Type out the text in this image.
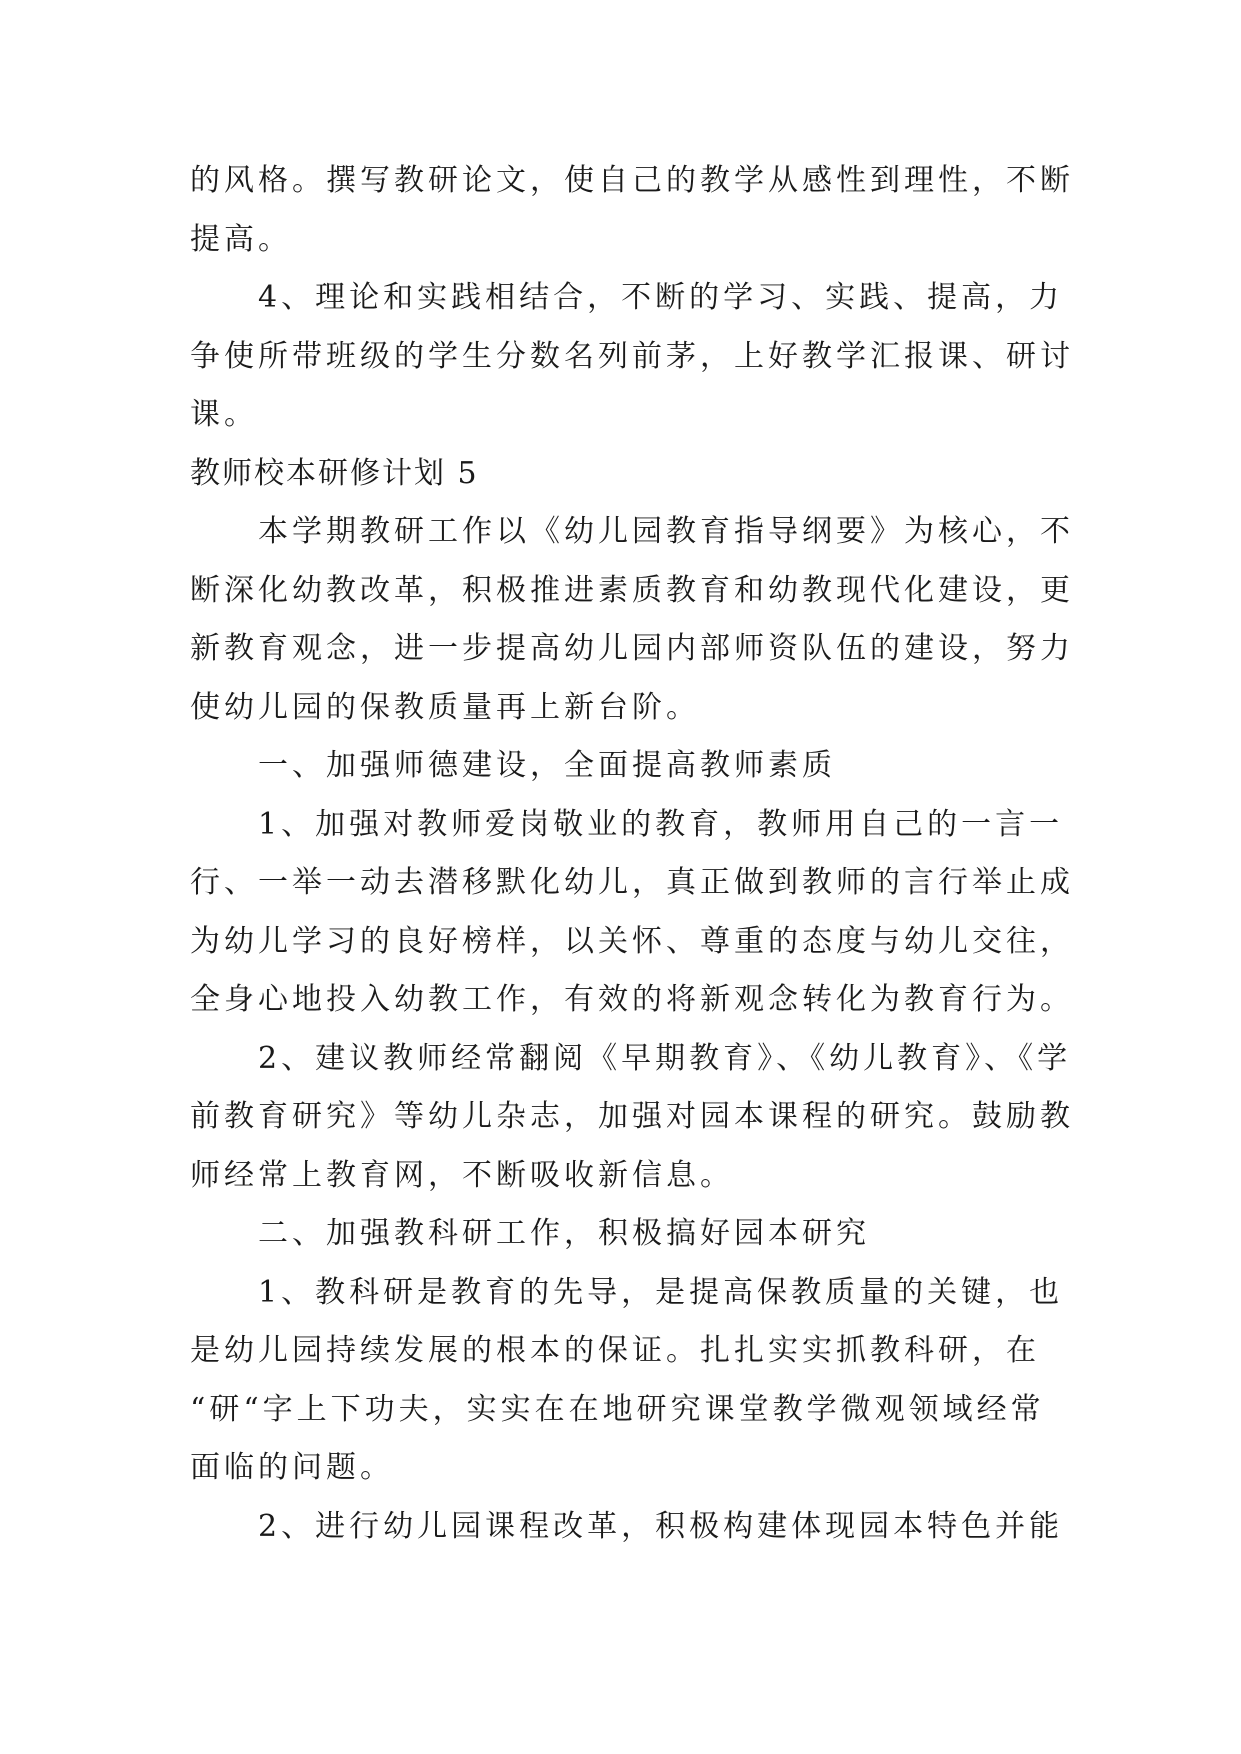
的风格。撰写教研论文，使自己的教学从感性到理性，不断
提高。
4、理论和实践相结合，不断的学习、实践、提高，力
争使所带班级的学生分数名列前茅，上好教学汇报课、研讨
课。
教师校本研修计划 5
本学期教研工作以《幼儿园教育指导纲要》为核心，不
断深化幼教改革，积极推进素质教育和幼教现代化建设，更
新教育观念，进一步提高幼儿园内部师资队伍的建设，努力
使幼儿园的保教质量再上新台阶。
一、加强师德建设，全面提高教师素质
1、加强对教师爱岗敬业的教育，教师用自己的一言一
行、一举一动去潜移默化幼儿，真正做到教师的言行举止成
为幼儿学习的良好榜样，以关怀、尊重的态度与幼儿交往，
全身心地投入幼教工作，有效的将新观念转化为教育行为。
2、建议教师经常翻阅《早期教育》、《幼儿教育》、《学
前教育研究》等幼儿杂志，加强对园本课程的研究。鼓励教
师经常上教育网，不断吸收新信息。
二、加强教科研工作，积极搞好园本研究
1、教科研是教育的先导，是提高保教质量的关键，也
是幼儿园持续发展的根本的保证。扎扎实实抓教科研，在
“研“字上下功夫，实实在在地研究课堂教学微观领域经常
面临的问题。
2、进行幼儿园课程改革，积极构建体现园本特色并能
